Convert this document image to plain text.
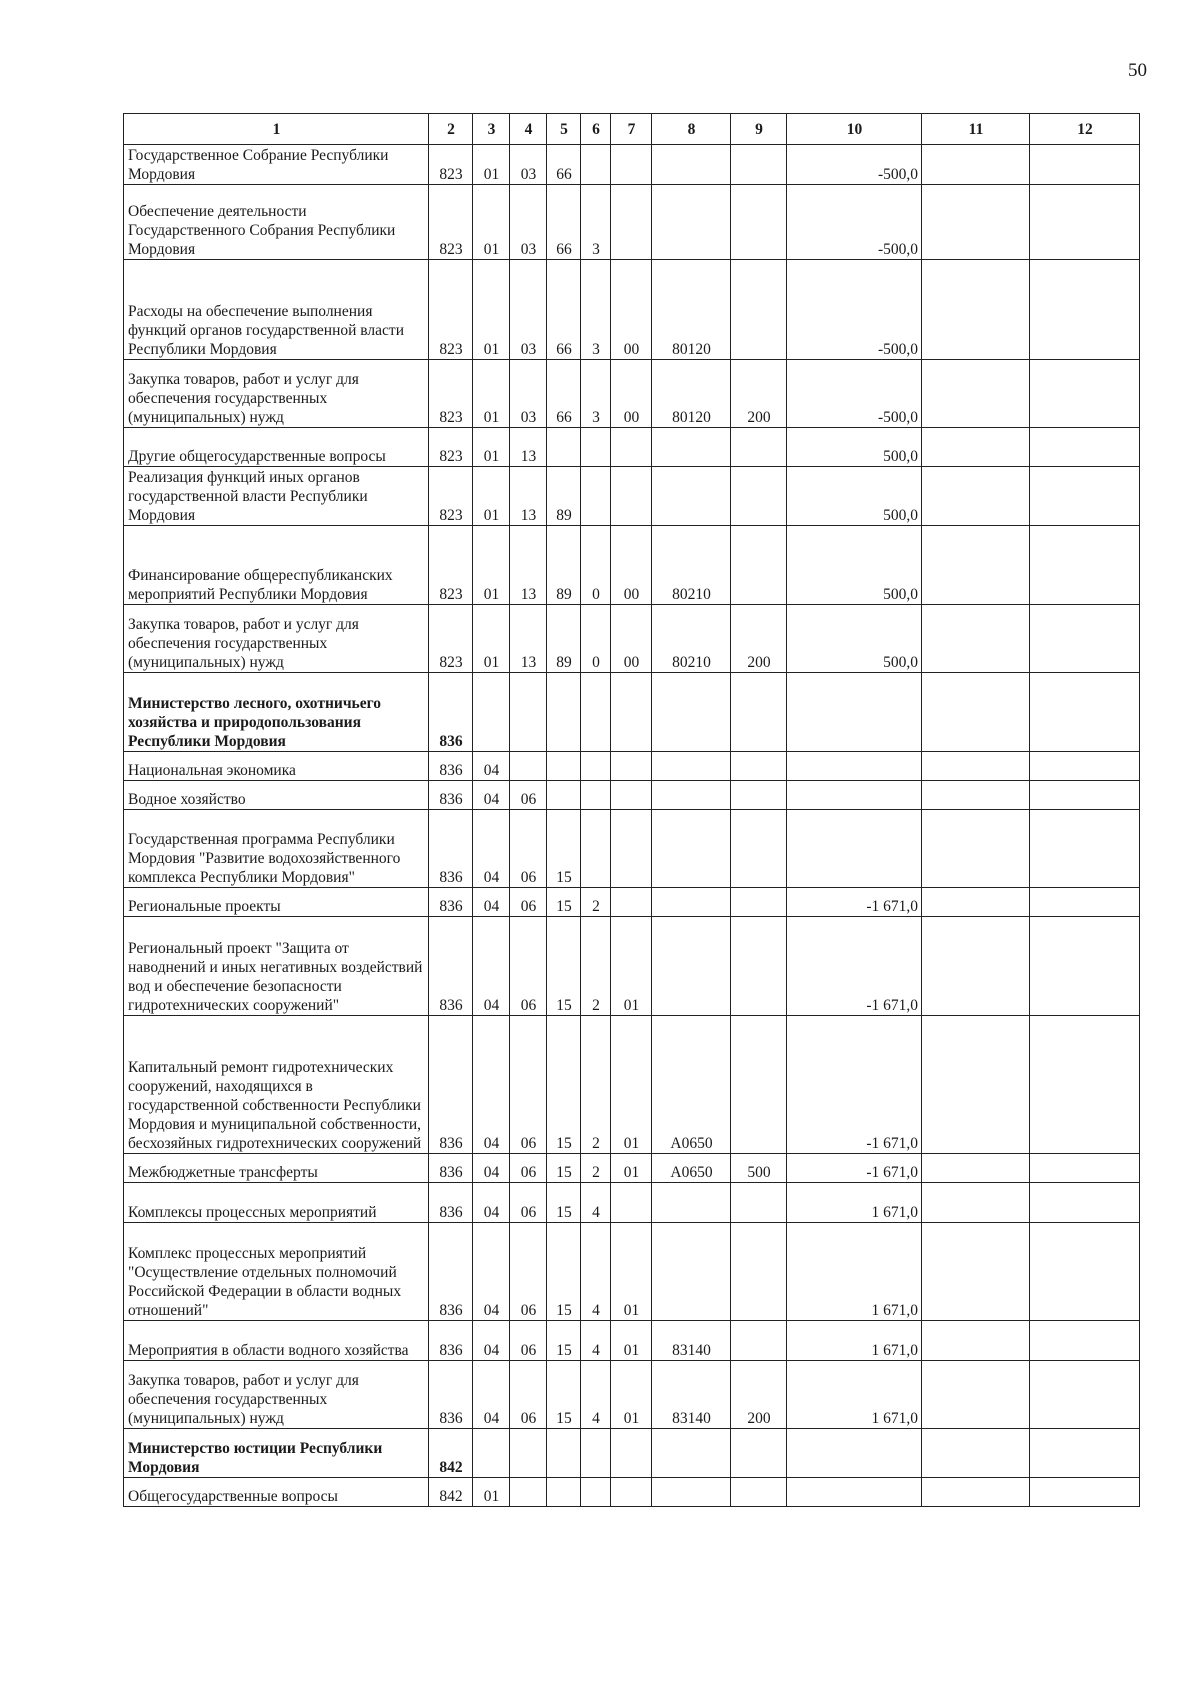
50
1	2	3	4	5	6	7	8	9	10	11	12
Государственное Собрание Республики Мордовия	823	01	03	66					-500,0		
Обеспечение деятельности Государственного Собрания Республики Мордовия	823	01	03	66	3				-500,0		
Расходы на обеспечение выполнения функций органов государственной власти Республики Мордовия	823	01	03	66	3	00	80120		-500,0		
Закупка товаров, работ и услуг для обеспечения государственных (муниципальных) нужд	823	01	03	66	3	00	80120	200	-500,0		
Другие общегосударственные вопросы	823	01	13						500,0		
Реализация функций иных органов государственной власти Республики Мордовия	823	01	13	89					500,0		
Финансирование общереспубликанских мероприятий Республики Мордовия	823	01	13	89	0	00	80210		500,0		
Закупка товаров, работ и услуг для обеспечения государственных (муниципальных) нужд	823	01	13	89	0	00	80210	200	500,0		
Министерство лесного, охотничьего хозяйства и природопользования Республики Мордовия	836										
Национальная экономика	836	04									
Водное хозяйство	836	04	06								
Государственная программа Республики Мордовия "Развитие водохозяйственного комплекса Республики Мордовия"	836	04	06	15							
Региональные проекты	836	04	06	15	2				-1 671,0		
Региональный проект "Защита от наводнений и иных негативных воздействий вод и обеспечение безопасности гидротехнических сооружений"	836	04	06	15	2	01			-1 671,0		
Капитальный ремонт гидротехнических сооружений, находящихся в государственной собственности Республики Мордовия и муниципальной собственности, бесхозяйных гидротехнических сооружений	836	04	06	15	2	01	А0650		-1 671,0		
Межбюджетные трансферты	836	04	06	15	2	01	А0650	500	-1 671,0		
Комплексы процессных мероприятий	836	04	06	15	4				1 671,0		
Комплекс процессных мероприятий "Осуществление отдельных полномочий Российской Федерации в области водных отношений"	836	04	06	15	4	01			1 671,0		
Мероприятия в области водного хозяйства	836	04	06	15	4	01	83140		1 671,0		
Закупка товаров, работ и услуг для обеспечения государственных (муниципальных) нужд	836	04	06	15	4	01	83140	200	1 671,0		
Министерство юстиции Республики Мордовия	842										
Общегосударственные вопросы	842	01									
